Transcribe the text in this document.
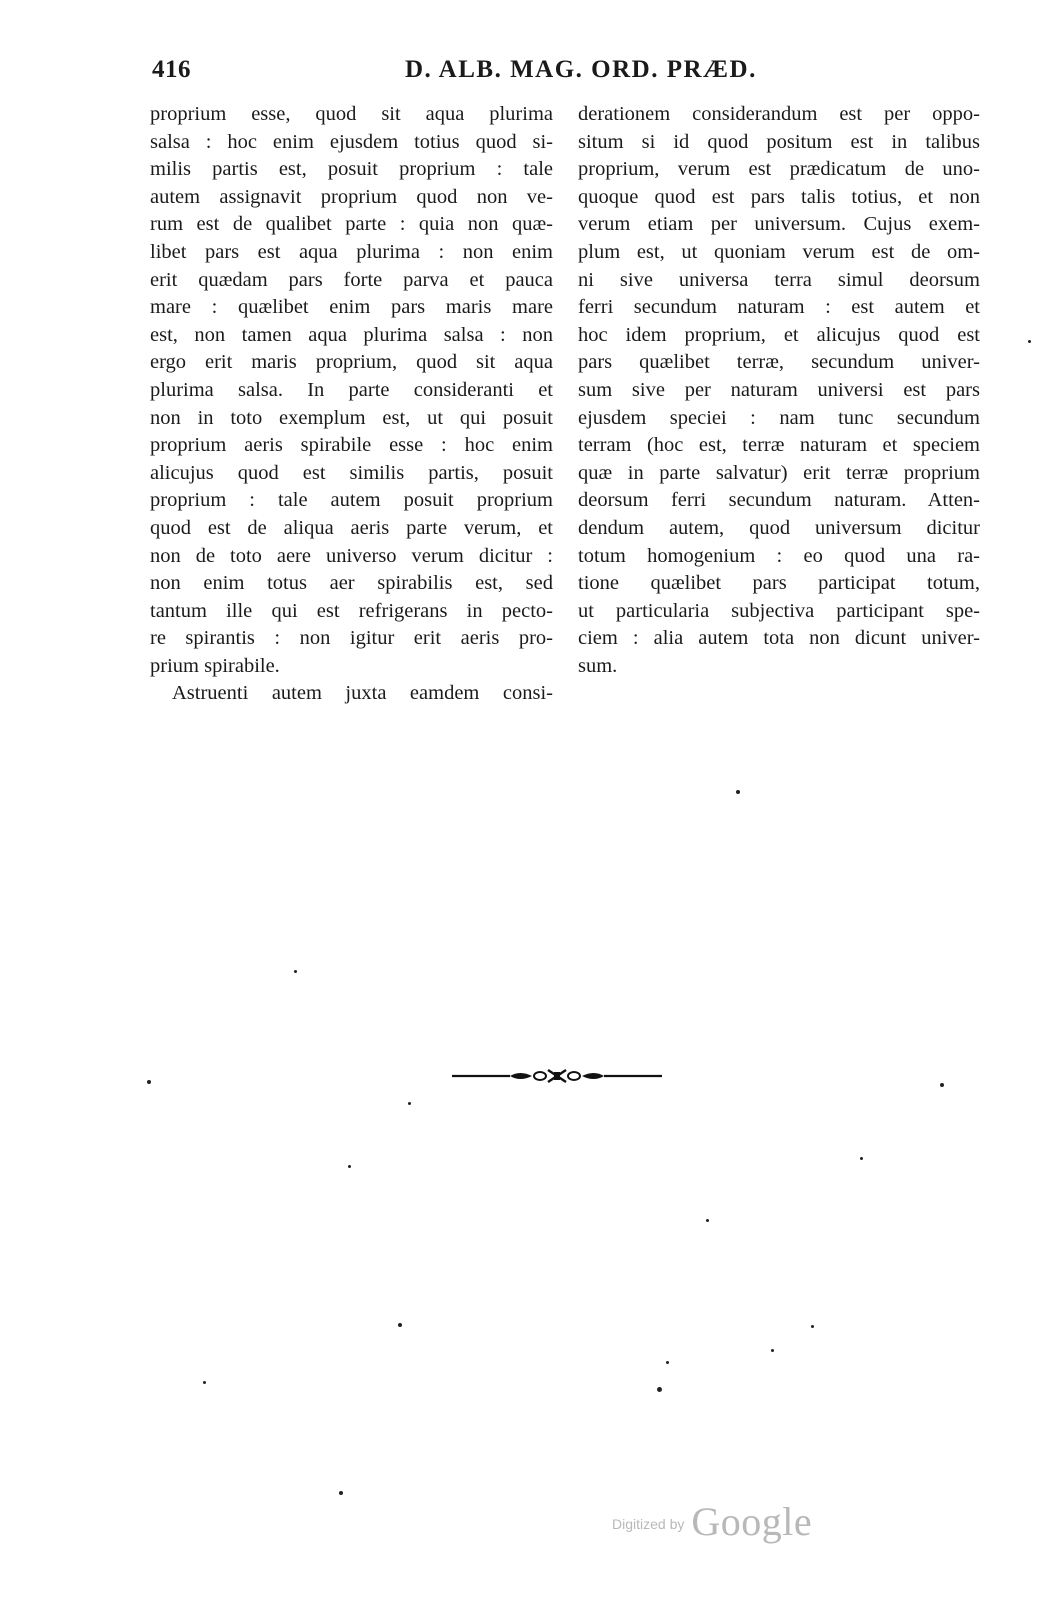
416	D. ALB. MAG. ORD. PRÆD.
proprium esse, quod sit aqua plurima
salsa : hoc enim ejusdem totius quod si-
milis partis est, posuit proprium : tale
autem assignavit proprium quod non ve-
rum est de qualibet parte : quia non quæ-
libet pars est aqua plurima : non enim
erit quædam pars forte parva et pauca
mare : quælibet enim pars maris mare
est, non tamen aqua plurima salsa : non
ergo erit maris proprium, quod sit aqua
plurima salsa. In parte consideranti et
non in toto exemplum est, ut qui posuit
proprium aeris spirabile esse : hoc enim
alicujus quod est similis partis, posuit
proprium : tale autem posuit proprium
quod est de aliqua aeris parte verum, et
non de toto aere universo verum dicitur :
non enim totus aer spirabilis est, sed
tantum ille qui est refrigerans in pecto-
re spirantis : non igitur erit aeris pro-
prium spirabile.
Astruenti autem juxta eamdem consi-
derationem considerandum est per oppo-
situm si id quod positum est in talibus
proprium, verum est prædicatum de uno-
quoque quod est pars talis totius, et non
verum etiam per universum. Cujus exem-
plum est, ut quoniam verum est de om-
ni sive universa terra simul deorsum
ferri secundum naturam : est autem et
hoc idem proprium, et alicujus quod est
pars quælibet terræ, secundum univer-
sum sive per naturam universi est pars
ejusdem speciei : nam tunc secundum
terram (hoc est, terræ naturam et speciem
quæ in parte salvatur) erit terræ proprium
deorsum ferri secundum naturam. Atten-
dendum autem, quod universum dicitur
totum homogenium : eo quod una ra-
tione quælibet pars participat totum,
ut particularia subjectiva participant spe-
ciem : alia autem tota non dicunt univer-
sum.
Digitized by Google
